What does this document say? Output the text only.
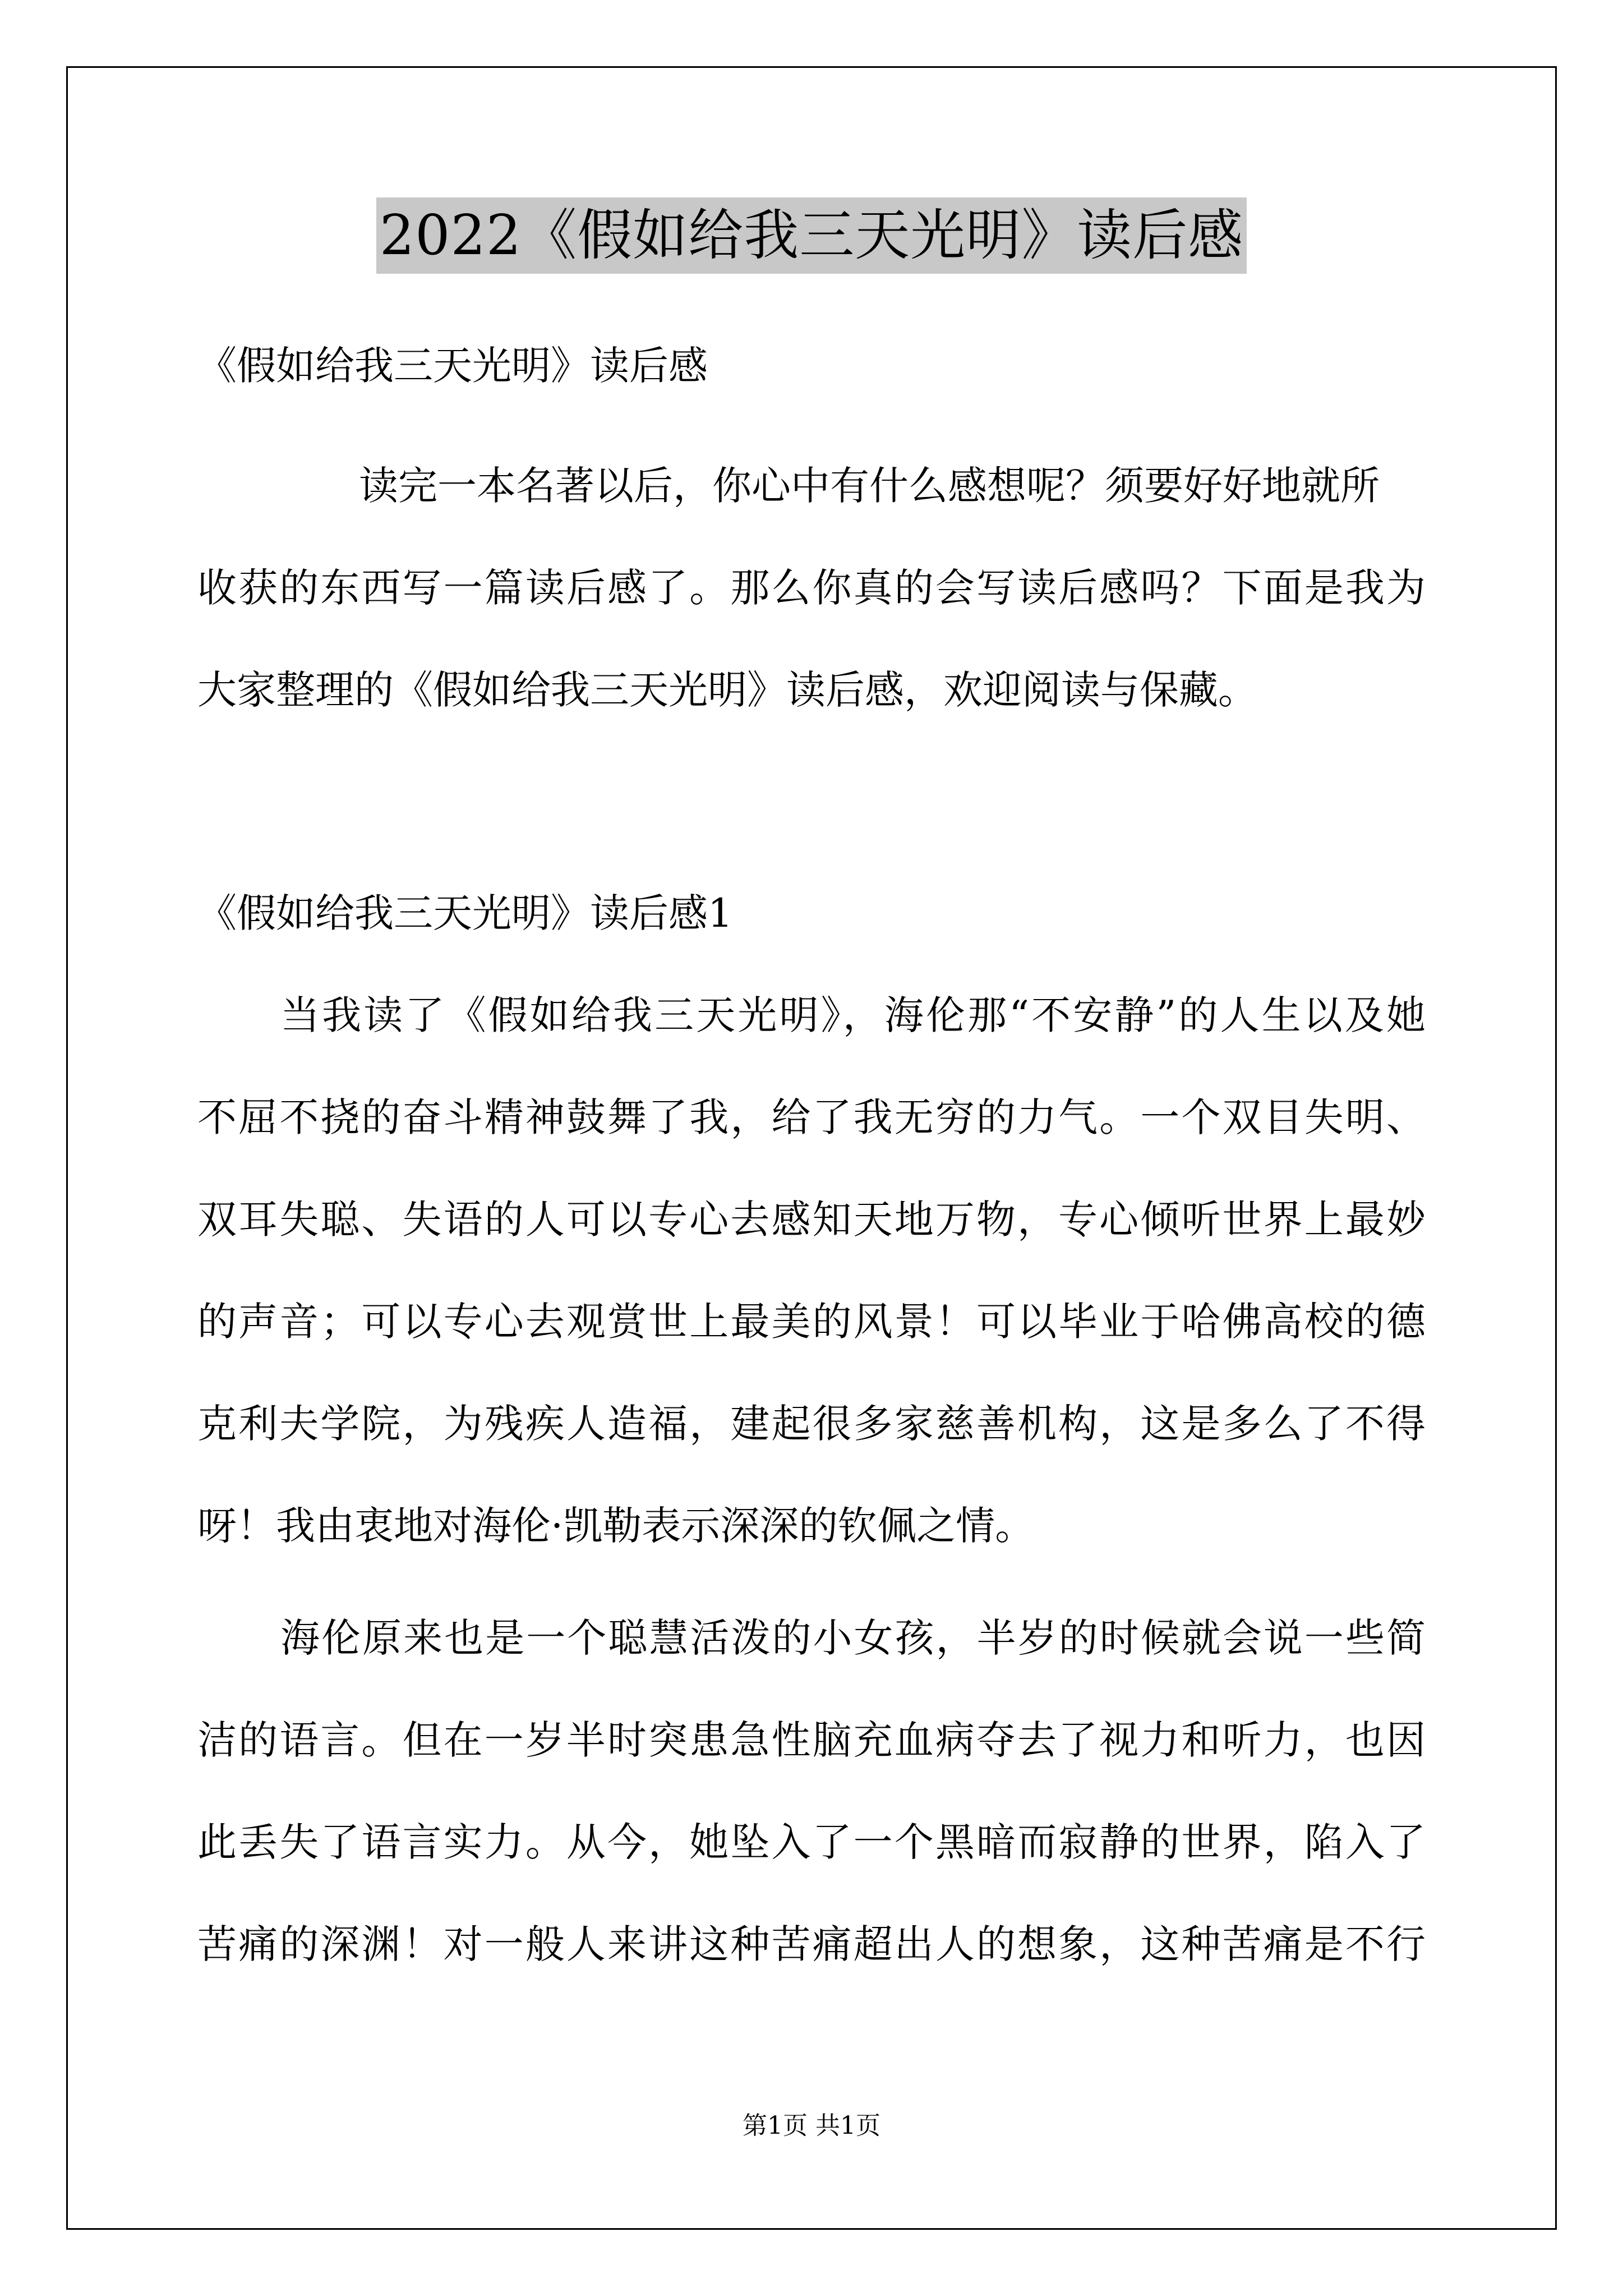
2022《假如给我三天光明》读后感
《假如给我三天光明》读后感
读完一本名著以后，你心中有什么感想呢？须要好好地就所
收获的东西写一篇读后感了。那么你真的会写读后感吗？下面是我为
大家整理的《假如给我三天光明》读后感，欢迎阅读与保藏。
《假如给我三天光明》读后感1
当我读了《假如给我三天光明》，海伦那“不安静”的人生以及她
不屈不挠的奋斗精神鼓舞了我，给了我无穷的力气。一个双目失明、
双耳失聪、失语的人可以专心去感知天地万物，专心倾听世界上最妙
的声音；可以专心去观赏世上最美的风景！可以毕业于哈佛高校的德
克利夫学院，为残疾人造福，建起很多家慈善机构，这是多么了不得
呀！我由衷地对海伦·凯勒表示深深的钦佩之情。
海伦原来也是一个聪慧活泼的小女孩，半岁的时候就会说一些简
洁的语言。但在一岁半时突患急性脑充血病夺去了视力和听力，也因
此丢失了语言实力。从今，她坠入了一个黑暗而寂静的世界，陷入了
苦痛的深渊！对一般人来讲这种苦痛超出人的想象，这种苦痛是不行
第1页 共1页
